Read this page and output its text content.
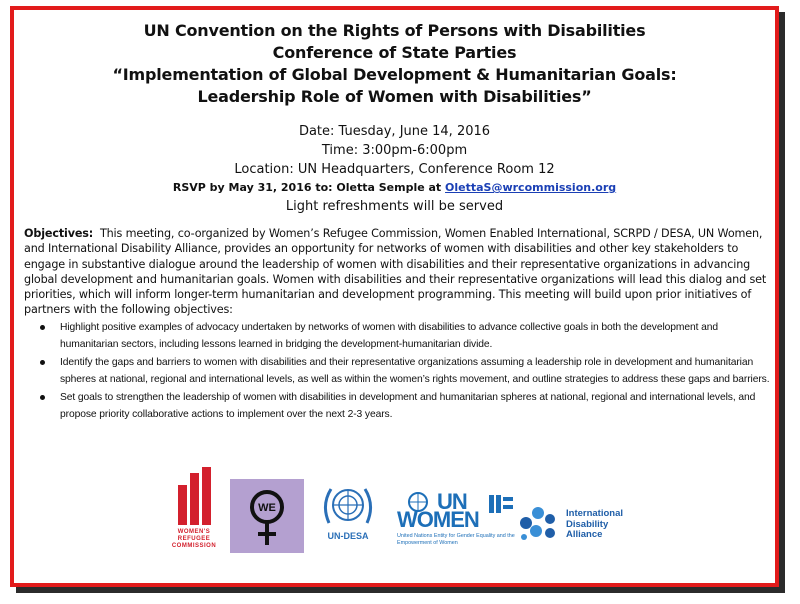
UN Convention on the Rights of Persons with Disabilities
Conference of State Parties
“Implementation of Global Development & Humanitarian Goals:
Leadership Role of Women with Disabilities”
Date: Tuesday, June 14, 2016
Time: 3:00pm-6:00pm
Location: UN Headquarters, Conference Room 12
RSVP by May 31, 2016 to: Oletta Semple at OlettaS@wrcommission.org
Light refreshments will be served

Objectives: This meeting, co-organized by Women’s Refugee Commission, Women Enabled International, SCRPD / DESA, UN Women, and International Disability Alliance, provides an opportunity for networks of women with disabilities and other key stakeholders to engage in substantive dialogue around the leadership of women with disabilities and their representative organizations in advancing global development and humanitarian goals. Women with disabilities and their representative organizations will lead this dialog and set priorities, which will inform longer-term humanitarian and development programming. This meeting will build upon prior initiatives of partners with the following objectives:

Highlight positive examples of advocacy undertaken by networks of women with disabilities to advance collective goals in both the development and humanitarian sectors, including lessons learned in bridging the development-humanitarian divide.
Identify the gaps and barriers to women with disabilities and their representative organizations assuming a leadership role in development and humanitarian spheres at national, regional and international levels, as well as within the women’s rights movement, and outline strategies to address these gaps and barriers.
Set goals to strengthen the leadership of women with disabilities in development and humanitarian spheres at national, regional and international levels, and propose priority collaborative actions to implement over the next 2-3 years.
WOMEN'S REFUGEE COMMISSION
WE
UN-DESA
UN
WOMEN
United Nations Entity for Gender Equality and the Empowerment of Women
International Disability Alliance
